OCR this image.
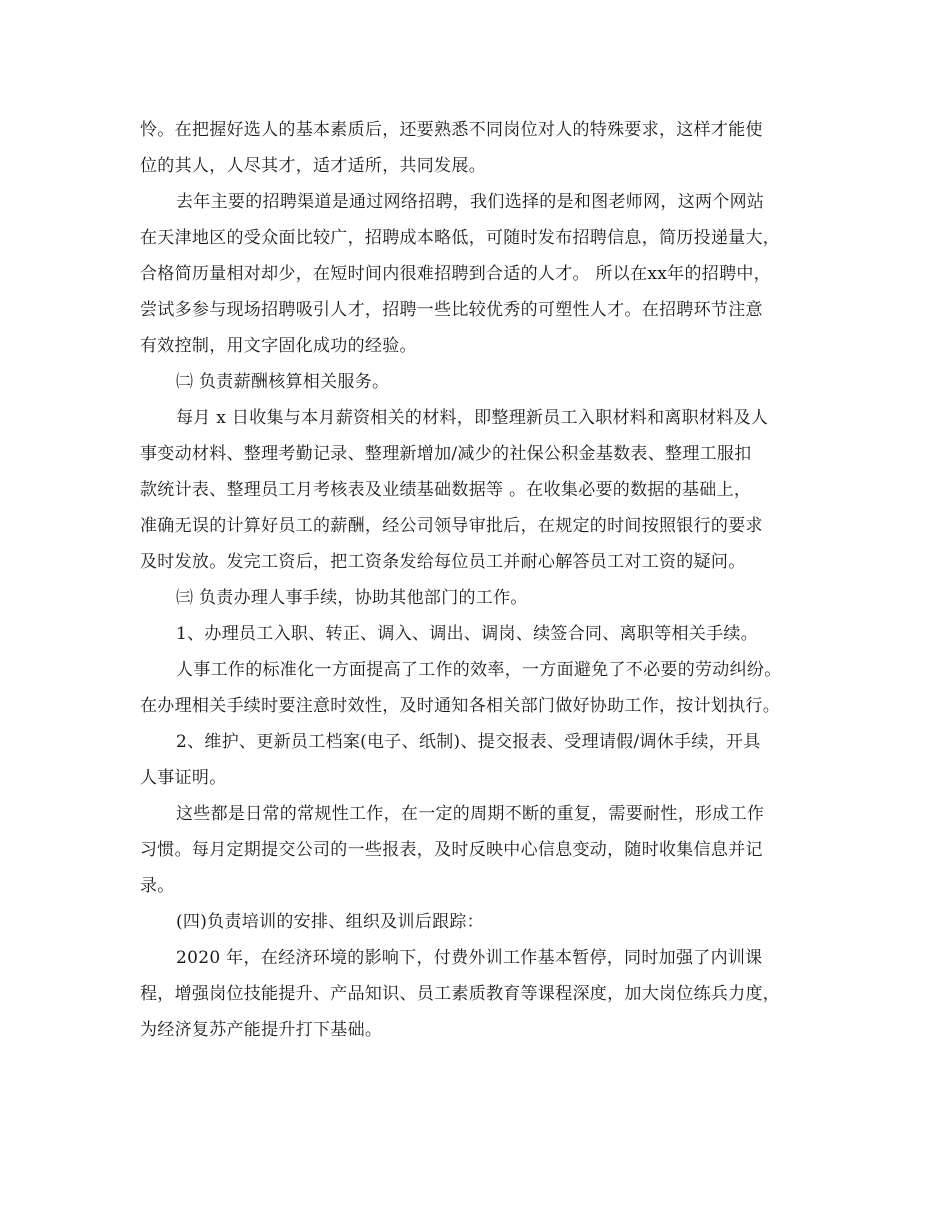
怜。在把握好选人的基本素质后，还要熟悉不同岗位对人的特殊要求，这样才能使
位的其人，人尽其才，适才适所，共同发展。
去年主要的招聘渠道是通过网络招聘，我们选择的是和图老师网，这两个网站
在天津地区的受众面比较广，招聘成本略低，可随时发布招聘信息，简历投递量大，
合格简历量相对却少，在短时间内很难招聘到合适的人才。 所以在xx年的招聘中，
尝试多参与现场招聘吸引人才，招聘一些比较优秀的可塑性人才。在招聘环节注意
有效控制，用文字固化成功的经验。
㈡ 负责薪酬核算相关服务。
每月 x 日收集与本月薪资相关的材料，即整理新员工入职材料和离职材料及人
事变动材料、整理考勤记录、整理新增加/减少的社保公积金基数表、整理工服扣
款统计表、整理员工月考核表及业绩基础数据等 。在收集必要的数据的基础上，
准确无误的计算好员工的薪酬，经公司领导审批后，在规定的时间按照银行的要求
及时发放。发完工资后，把工资条发给每位员工并耐心解答员工对工资的疑问。
㈢ 负责办理人事手续，协助其他部门的工作。
1、办理员工入职、转正、调入、调出、调岗、续签合同、离职等相关手续。
人事工作的标准化一方面提高了工作的效率，一方面避免了不必要的劳动纠纷。
在办理相关手续时要注意时效性，及时通知各相关部门做好协助工作，按计划执行。
2、维护、更新员工档案(电子、纸制)、提交报表、受理请假/调休手续，开具
人事证明。
这些都是日常的常规性工作，在一定的周期不断的重复，需要耐性，形成工作
习惯。每月定期提交公司的一些报表，及时反映中心信息变动，随时收集信息并记
录。
(四)负责培训的安排、组织及训后跟踪：
2020 年，在经济环境的影响下，付费外训工作基本暂停，同时加强了内训课
程，增强岗位技能提升、产品知识、员工素质教育等课程深度，加大岗位练兵力度，
为经济复苏产能提升打下基础。
